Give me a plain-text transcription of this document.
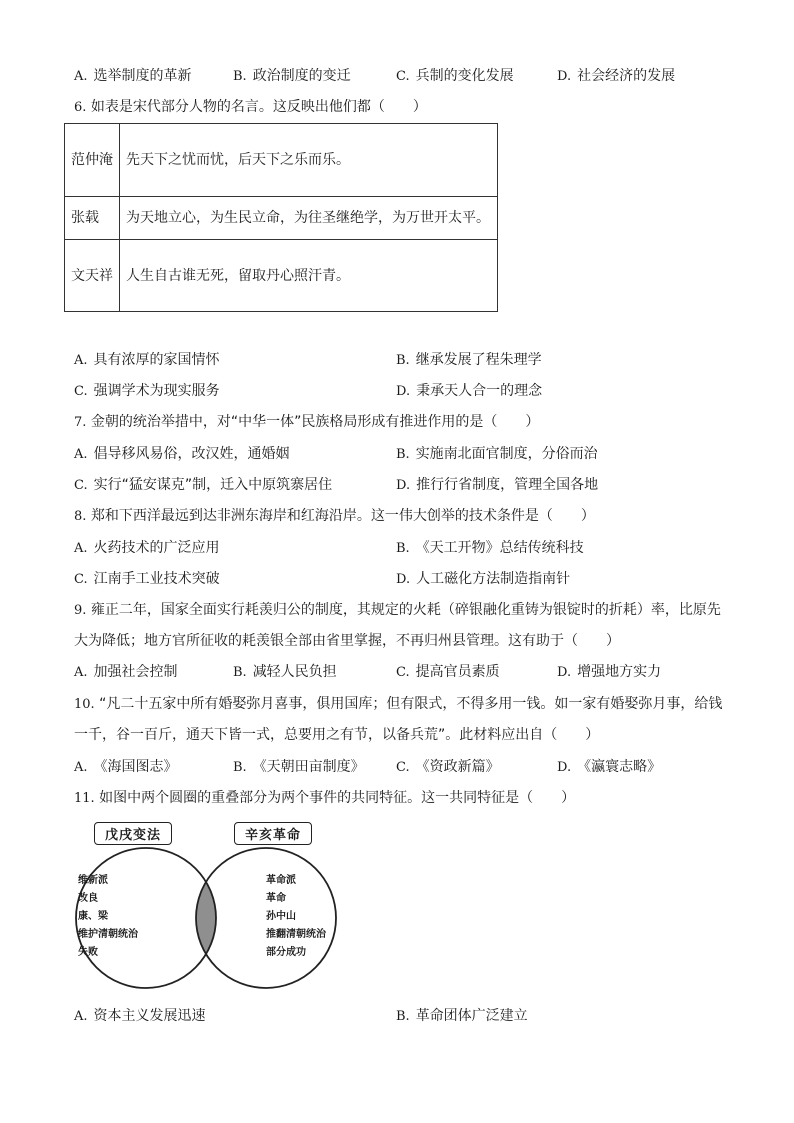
A. 选举制度的革新	B. 政治制度的变迁	C. 兵制的变化发展	D. 社会经济的发展
6. 如表是宋代部分人物的名言。这反映出他们都（　　）
范仲淹	先天下之忧而忧，后天下之乐而乐。
张载	为天地立心，为生民立命，为往圣继绝学，为万世开太平。
文天祥	人生自古谁无死，留取丹心照汗青。
A. 具有浓厚的家国情怀	B. 继承发展了程朱理学
C. 强调学术为现实服务	D. 秉承天人合一的理念
7. 金朝的统治举措中，对“中华一体”民族格局形成有推进作用的是（　　）
A. 倡导移风易俗，改汉姓，通婚姻	B. 实施南北面官制度，分俗而治
C. 实行“猛安谋克”制，迁入中原筑寨居住	D. 推行行省制度，管理全国各地
8. 郑和下西洋最远到达非洲东海岸和红海沿岸。这一伟大创举的技术条件是（　　）
A. 火药技术的广泛应用	B. 《天工开物》总结传统科技
C. 江南手工业技术突破	D. 人工磁化方法制造指南针
9. 雍正二年，国家全面实行耗羡归公的制度，其规定的火耗（碎银融化重铸为银锭时的折耗）率，比原先
大为降低；地方官所征收的耗羡银全部由省里掌握，不再归州县管理。这有助于（　　）
A. 加强社会控制	B. 减轻人民负担	C. 提高官员素质	D. 增强地方实力
10. “凡二十五家中所有婚娶弥月喜事，俱用国库；但有限式，不得多用一钱。如一家有婚娶弥月事，给钱
一千，谷一百斤，通天下皆一式，总要用之有节，以备兵荒”。此材料应出自（　　）
A. 《海国图志》	B. 《天朝田亩制度》 C. 《资政新篇》	D. 《瀛寰志略》
11. 如图中两个圆圈的重叠部分为两个事件的共同特征。这一共同特征是（　　）
戊戌变法	辛亥革命
维新派
改良
康、梁
维护清朝统治
失败
革命派
革命
孙中山
推翻清朝统治
部分成功
A. 资本主义发展迅速	B. 革命团体广泛建立
